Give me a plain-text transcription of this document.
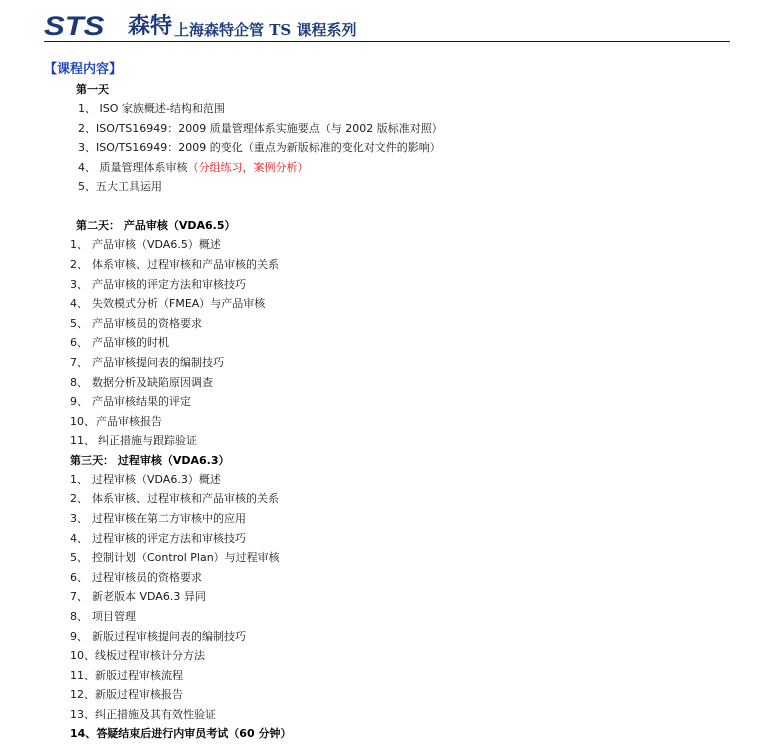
STS 森特 上海森特企管 TS 课程系列
【课程内容】
第一天
1、 ISO 家族概述-结构和范围
2、ISO/TS16949：2009 质量管理体系实施要点（与 2002 版标准对照）
3、ISO/TS16949：2009 的变化（重点为新版标准的变化对文件的影响）
4、 质量管理体系审核（分组练习，案例分析）
5、五大工具运用
第二天： 产品审核（VDA6.5）
1、 产品审核（VDA6.5）概述
2、 体系审核、过程审核和产品审核的关系
3、 产品审核的评定方法和审核技巧
4、 失效模式分析（FMEA）与产品审核
5、 产品审核员的资格要求
6、 产品审核的时机
7、 产品审核提问表的编制技巧
8、 数据分析及缺陷原因调查
9、 产品审核结果的评定
10、产品审核报告
11、 纠正措施与跟踪验证
第三天： 过程审核（VDA6.3）
1、 过程审核（VDA6.3）概述
2、 体系审核、过程审核和产品审核的关系
3、 过程审核在第二方审核中的应用
4、 过程审核的评定方法和审核技巧
5、 控制计划（Control Plan）与过程审核
6、 过程审核员的资格要求
7、 新老版本 VDA6.3 异同
8、 项目管理
9、 新版过程审核提问表的编制技巧
10、线板过程审核计分方法
11、新版过程审核流程
12、新版过程审核报告
13、纠正措施及其有效性验证
14、答疑结束后进行内审员考试（60 分钟）
